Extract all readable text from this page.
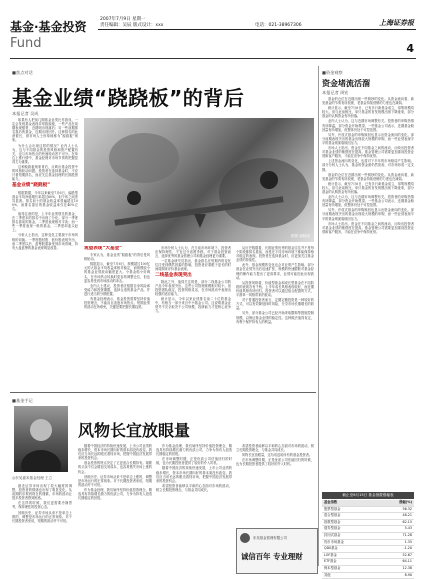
基金·基金投资
Fund
2007年7月9日 星期一
责任编辑：吴辰 版式设计：xxx	电话：021-38967306	上海证券报
4
■焦点对话
基金业绩“跷跷板”的背后
本报记者 吴成

如果有人把前几期基金业绩比作游戏，一定会发现基金表现非常跷跷板，一些产品在前期表现强势，近期则出现落后；另一些前期排名靠后的基金，近期出现回升。这种排名的此消彼长，被市场人士形象地称为“跷跷板”现象。

为什么会出现这样的情况？业内人士认为，这与不同基金的投资风格和资产配置有关，也与市场热点的快速轮动密不可分。在单边上涨行情中，基金经理对市场节奏的把握显得尤为重要。

这种跷跷板现象背后，反映出基金投资中的风格轮动问题。投资者在选择基金时，不应只看短期排名，而应关注基金经理的长期投资能力。

基金业绩“跷跷板”

根据数据，今年以来截至7月6日，偏股型基金平均净值增长率超过60%，但个体之间差异显著。排名前十的基金收益率普遍超过100%，而排名靠后的基金收益率仅在40%左右。

值得注意的是，上半年业绩领先的基金，在二季度末的排名中出现了分化。部分一季度排名靠前的基金，二季度表现相对平淡；而一些一季度表现一般的基金，二季度却迎头赶上。

分析人士指出，这种变化主要源于市场风格的切换。一季度题材股、低价股表现突出，而二季度以后，蓝筹股重新受到市场青睐，持有大盘蓝筹的基金表现明显改善。

制图 谢晓闻
观望表现“大基金”

专家认为，基金业绩“跷跷板”的背后是风格轮动。

数据显示，截至7月6日，规模超过100亿元的大基金平均收益率相对稳定，而规模较小的基金业绩波动幅度更大。小基金船小好调头，在市场热点转换时更容易调整仓位，但也更容易受到市场波动的冲击。

业内人士建议，投资者应根据自身风险承受能力和投资期限，选择合适的基金产品，并进行适当的分散配置。

有基金经理表示，基金投资需要坚持价值投资理念，不能盲目追逐市场热点。短期业绩的波动在所难免，关键是要把握长期趋势。

市场分析人士认为，在当前市场环境下，投资者应保持理性，不宜过分追涨杀跌。对于基金投资而言，选择优秀的基金管理公司和基金经理更为重要。

一位基金研究员指出，基金排名在短期内的变化往往受到偶然因素的影响，投资者应着眼于更长的时间周期来评价基金表现。

二线基金表现突出

除此之外，值得关注的是，部分二线基金公司的产品今年表现突出。这些公司管理规模相对较小，但投资团队稳定，投资风格灵活，在市场波动中表现出较强的适应能力。

统计显示，今年以来业绩排名前二十位的基金中，有相当一部分来自中小基金公司。这说明基金业绩并不完全取决于公司规模，投研能力才是核心竞争力。

从历史数据看，长期业绩优秀的基金往往并不是每个阶段都排名靠前，而是在不同市场环境下都能保持相对稳定的表现。投资者在选择基金时，应更加关注基金业绩的持续性。

此外，基金规模的变化也会对业绩产生影响。部分基金在业绩突出后迅速扩张，规模的快速膨胀对基金经理的操作能力提出了更高要求，业绩可能因此出现波动。

从投资风格看，价值型基金和成长型基金在不同阶段的表现各有千秋。上半年成长风格表现较好，而近期价值风格有所回归。投资者可以通过组合配置的方式，平滑单一风格带来的波动。

对于普通投资者而言，定期定额投资是一种较好的方式，可以有效降低择时风险，分享市场长期增长的收益。

另外，部分基金公司已经开始采取限购等措施控制规模，以保证基金业绩的稳定性。这种做法值得肯定，有利于保护持有人的利益。

■资金观察
资金堵流活溜
本报记者 周宏

基金的仓位在近期出现一些微妙的变化。从资金流向看，新发基金的节奏有所放缓，老基金持续营销的力度也在减弱。

统计显示，截至7月6日，已有多只新基金成立，募集规模均较大。但与此前相比，单只基金的首发规模出现下降迹象，部分基金的认购资金有所回落。

业内人士认为，这与近期市场调整有关。投资者的申购热情有所降温，部分资金开始观望。一些基金公司表示，近期基金赎回量有所增加，但整体仍处于可控范围。

另外，开放式基金的申购赎回也显示出资金流向的变化。部分前期表现突出的基金出现较大规模的申购，而一些业绩表现平平的基金则面临赎回压力。

市场人士指出，资金在不同基金之间的流动，反映出投资者对基金业绩的敏感度在提高。基金管理公司需要更加重视投资业绩和客户服务，才能在竞争中保持优势。

上述资金流向的变化，也将对下半年的市场格局产生影响。部分分析人士认为，基金的资金面仍然宽裕，对市场形成一定支撑。

基金的仓位在近期出现一些微妙的变化。从资金流向看，新发基金的节奏有所放缓，老基金持续营销的力度也在减弱。

统计显示，截至7月6日，已有多只新基金成立，募集规模均较大。但与此前相比，单只基金的首发规模出现下降迹象，部分基金的认购资金有所回落。

业内人士认为，这与近期市场调整有关。投资者的申购热情有所降温，部分资金开始观望。一些基金公司表示，近期基金赎回量有所增加，但整体仍处于可控范围。

另外，开放式基金的申购赎回也显示出资金流向的变化。部分前期表现突出的基金出现较大规模的申购，而一些业绩表现平平的基金则面临赎回压力。

市场人士指出，资金在不同基金之间的流动，反映出投资者对基金业绩的敏感度在提高。基金管理公司需要更加重视投资业绩和客户服务，才能在竞争中保持优势。

截止至6月15日 基金指数涨幅表
基金指数	涨幅(%)
股票型基金	56.32
混合型基金	48.21
指数型基金	62.15
债券型基金	5.43
封闭式基金	71.28
货币市场基金	1.35
QDII基金	-1.20
LOF基金	52.67
ETF基金	64.11
保本型基金	12.38
其他	8.90
■基金手记
风物长宜放眼量
◎东吴嘉禾基金经理 王立

最近证券市场出现了较大幅度的调整，投资者的情绪也出现了明显变化。从前期的乐观到现在的谨慎，市场的波动让很多投资者感到困惑。

在这样的时候，我们更需要冷静思考，保持理性的投资心态。

回顾历史，证券市场从来不是单边上涨的，调整是市场运行的正常现象。对于长期投资者来说，短期的波动并不可怕。

随着中国经济的持续快速发展，上市公司业绩的稳步增长，资本市场长期向好的基本面没有改变。我们应当用长远的眼光看待市场，把握中国经济发展带来的投资机会。

基金投资的特点决定了它更适合长期持有。频繁的买卖不仅会增加交易成本，也容易错失市场上涨的机会。

回顾历史，证券市场从来不是单边上涨的，调整是市场运行的正常现象。对于长期投资者来说，短期的波动并不可怕。

作为基金经理，我们始终坚持价值投资理念，精选具有持续增长潜力的优质公司，力争为持有人创造长期稳定的回报。

作为基金经理，我们始终坚持价值投资理念，精选具有持续增长潜力的优质公司，力争为持有人创造长期稳定的回报。

在市场调整时期，正是优质公司估值回归的时候，也为长期投资者提供了较好的介入时机。

随着中国经济的持续快速发展，上市公司业绩的稳步增长，资本市场长期向好的基本面没有改变。我们应当用长远的眼光看待市场，把握中国经济发展带来的投资机会。

希望投资者能够以平和的心态面对市场的波动，树立长期投资理念，与基金共同成长。

希望投资者能够以平和的心态面对市场的波动，树立长期投资理念，与基金共同成长。

风物长宜放眼量，这句话送给所有的基金投资者。

在市场调整时期，正是优质公司估值回归的时候，也为长期投资者提供了较好的介入时机。

东吴基金管理有限公司
诚信百年 专业理财
